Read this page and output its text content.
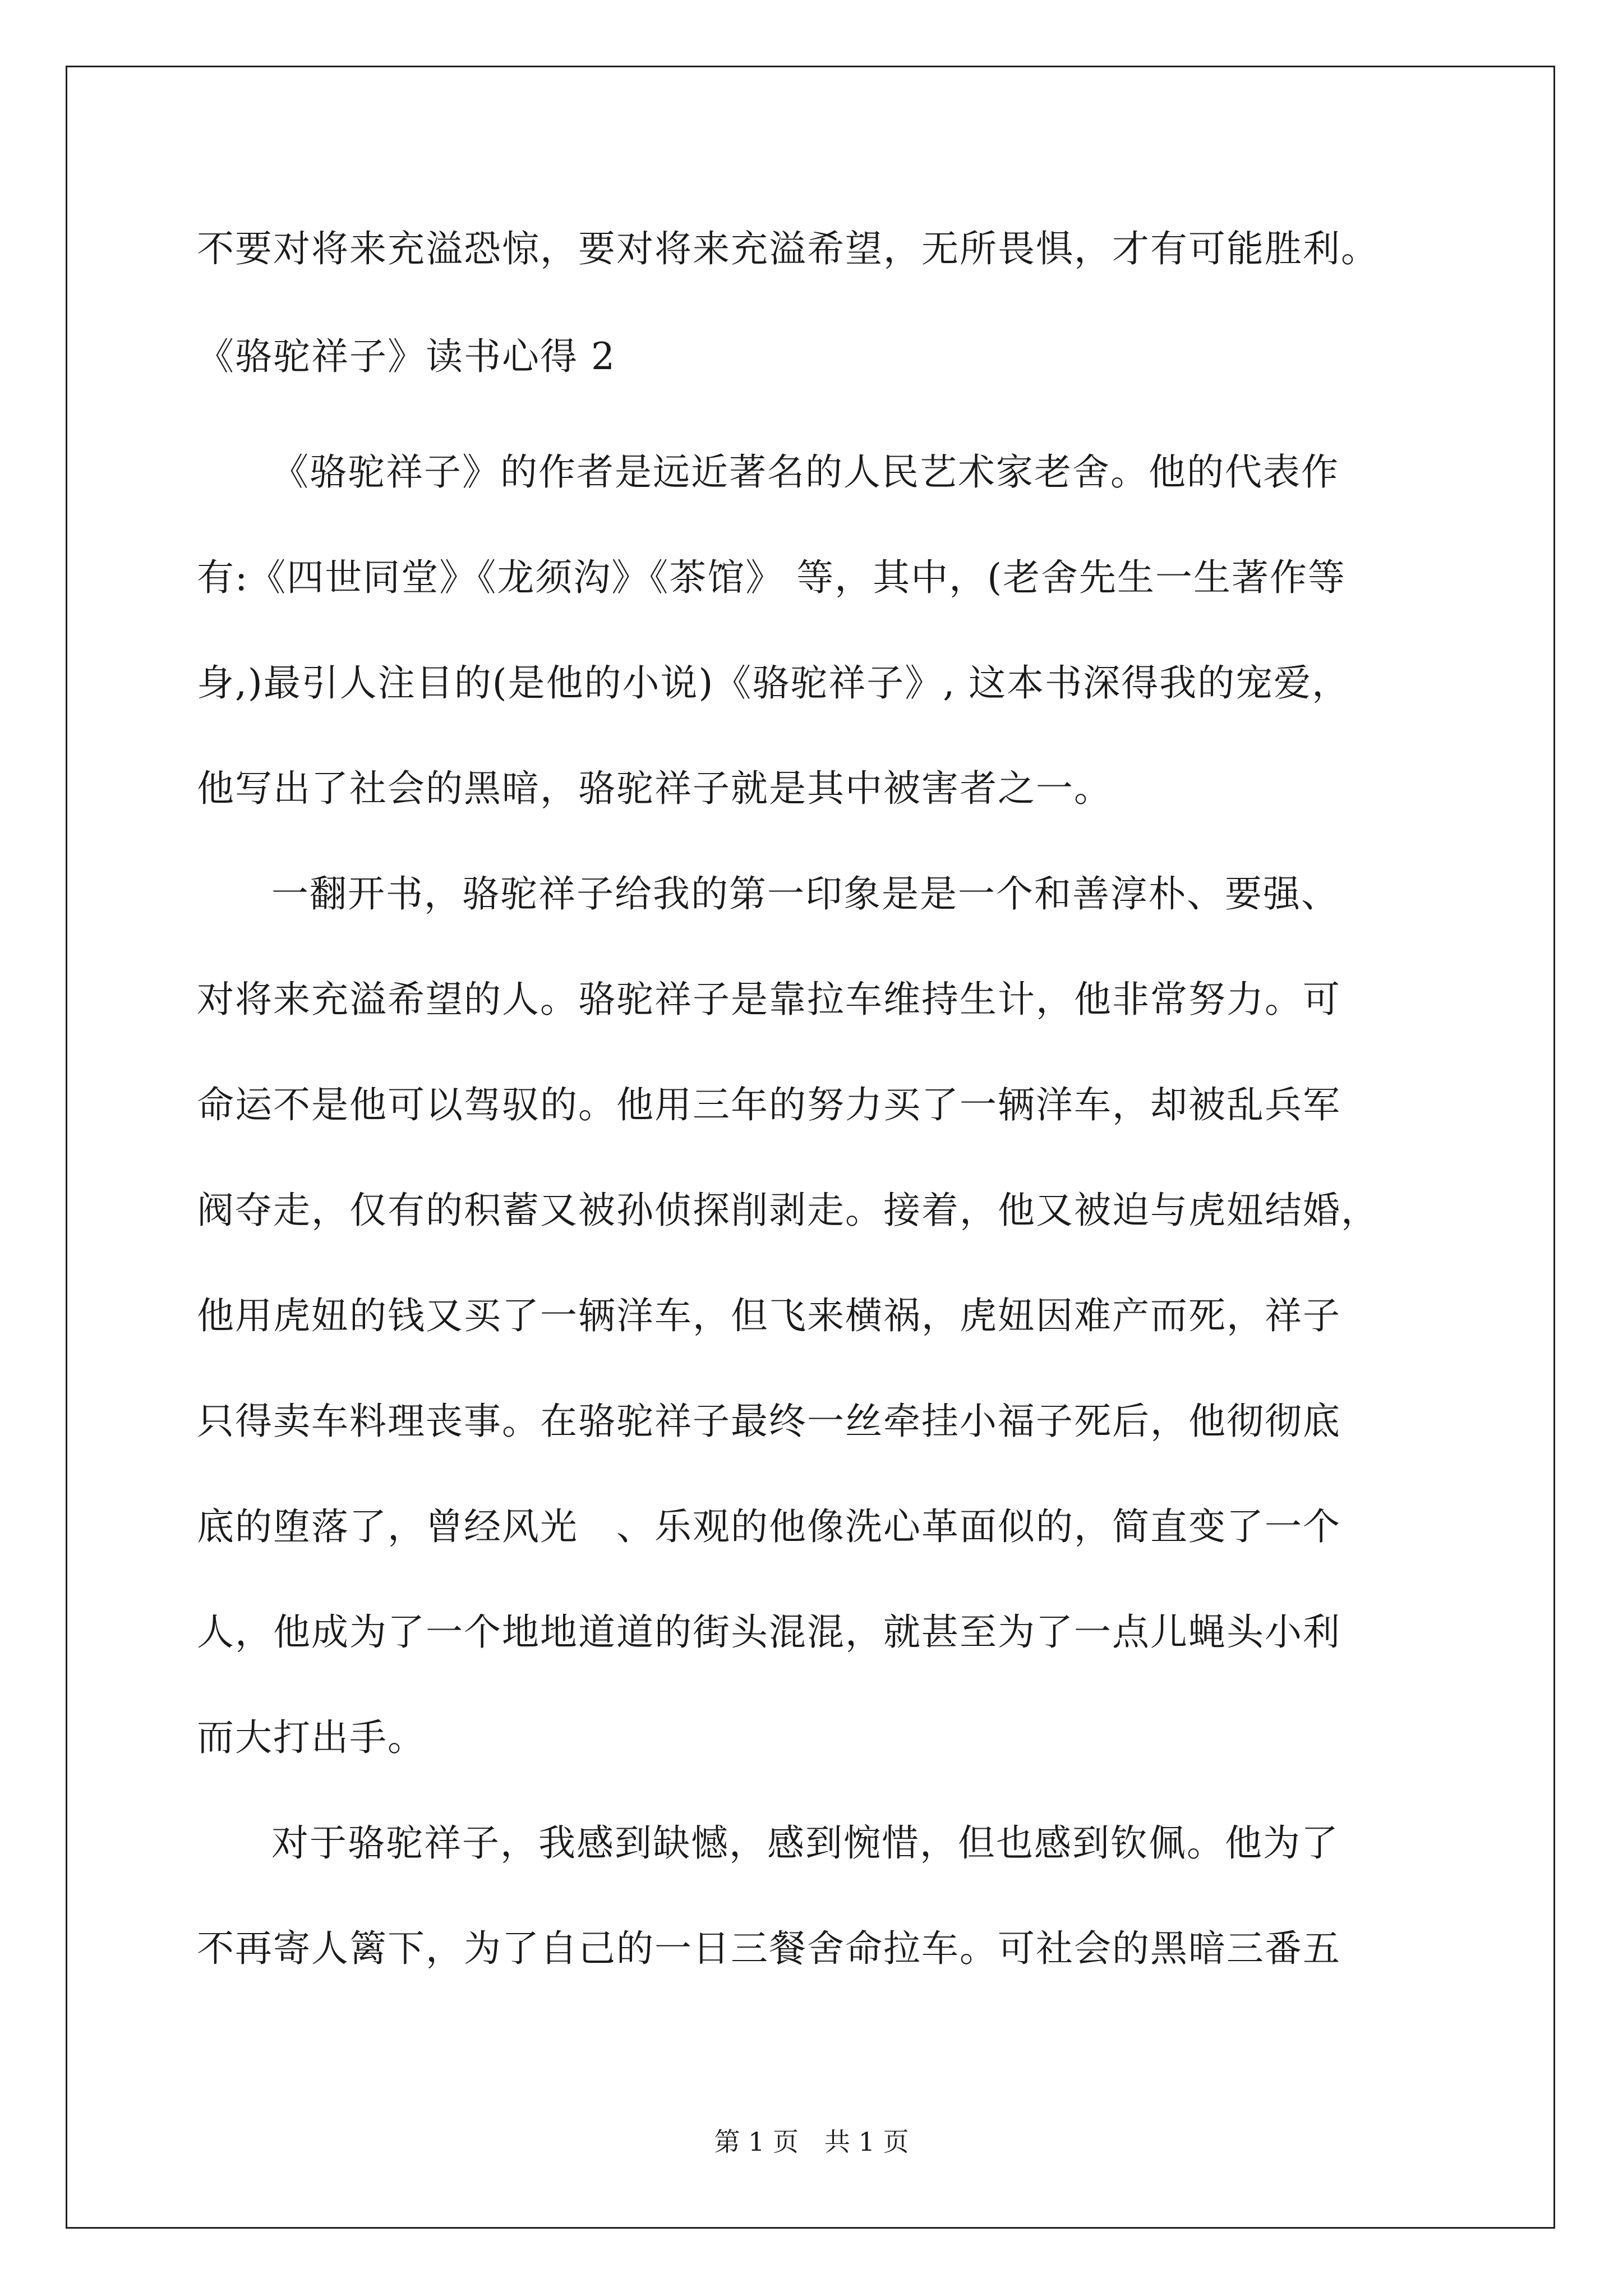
不要对将来充溢恐惊，要对将来充溢希望，无所畏惧，才有可能胜利。

《骆驼祥子》读书心得 2

《骆驼祥子》的作者是远近著名的人民艺术家老舍。他的代表作

有:《四世同堂》《龙须沟》《茶馆》 等，其中，(老舍先生一生著作等

身,)最引人注目的(是他的小说)《骆驼祥子》, 这本书深得我的宠爱，

他写出了社会的黑暗，骆驼祥子就是其中被害者之一。

一翻开书，骆驼祥子给我的第一印象是是一个和善淳朴、要强、

对将来充溢希望的人。骆驼祥子是靠拉车维持生计，他非常努力。可

命运不是他可以驾驭的。他用三年的努力买了一辆洋车，却被乱兵军

阀夺走，仅有的积蓄又被孙侦探削剥走。接着，他又被迫与虎妞结婚，

他用虎妞的钱又买了一辆洋车，但飞来横祸，虎妞因难产而死，祥子

只得卖车料理丧事。在骆驼祥子最终一丝牵挂小福子死后，他彻彻底

底的堕落了，曾经风光　、乐观的他像洗心革面似的，简直变了一个

人，他成为了一个地地道道的街头混混，就甚至为了一点儿蝇头小利

而大打出手。

对于骆驼祥子，我感到缺憾，感到惋惜，但也感到钦佩。他为了

不再寄人篱下，为了自己的一日三餐舍命拉车。可社会的黑暗三番五

第 1 页　共 1 页
